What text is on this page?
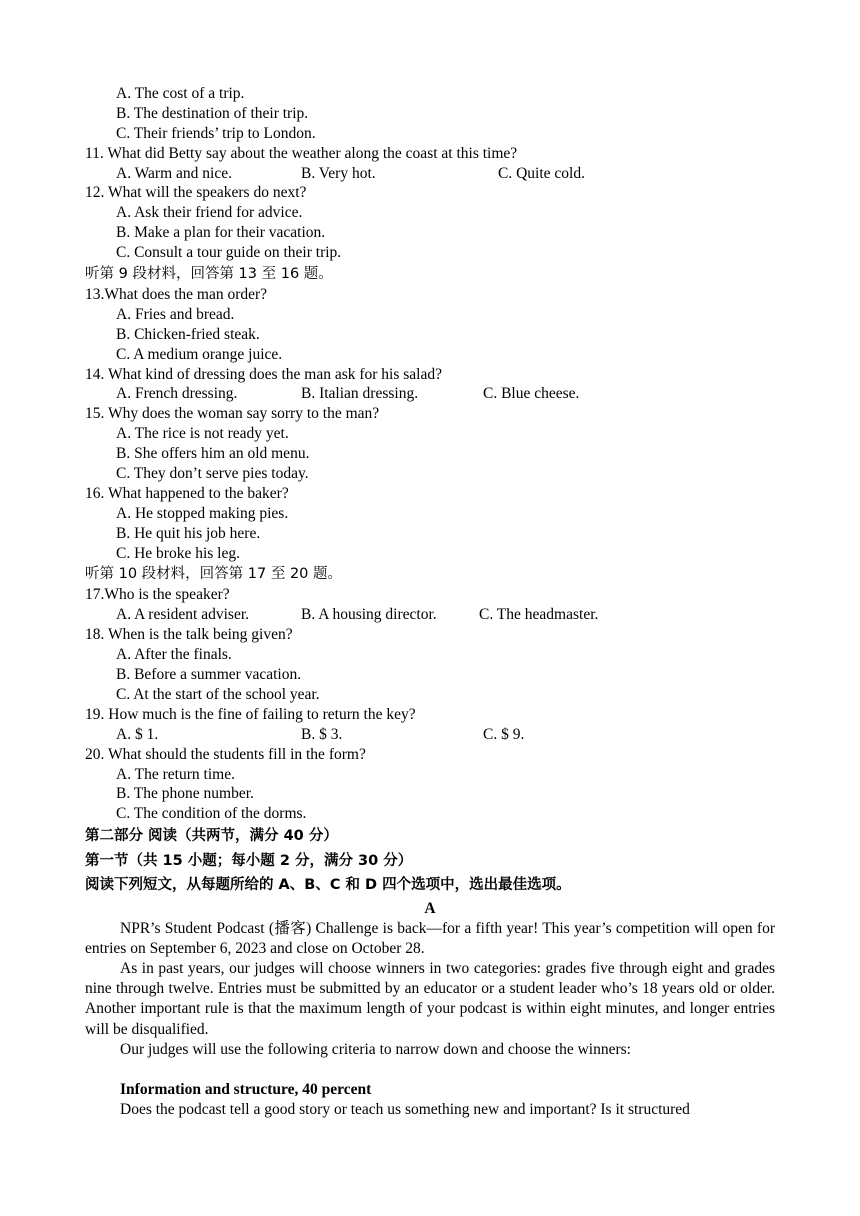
A. The cost of a trip.
B. The destination of their trip.
C. Their friends’ trip to London.
11. What did Betty say about the weather along the coast at this time?
A. Warm and nice.	B. Very hot.	C. Quite cold.
12. What will the speakers do next?
A. Ask their friend for advice.
B. Make a plan for their vacation.
C. Consult a tour guide on their trip.
听第 9 段材料，回答第 13 至 16 题。
13.What does the man order?
A. Fries and bread.
B. Chicken-fried steak.
C. A medium orange juice.
14. What kind of dressing does the man ask for his salad?
A. French dressing.	B. Italian dressing.	C. Blue cheese.
15. Why does the woman say sorry to the man?
A. The rice is not ready yet.
B. She offers him an old menu.
C. They don’t serve pies today.
16. What happened to the baker?
A. He stopped making pies.
B. He quit his job here.
C. He broke his leg.
听第 10 段材料，回答第 17 至 20 题。
17.Who is the speaker?
A. A resident adviser.	B. A housing director.	C. The headmaster.
18. When is the talk being given?
A. After the finals.
B. Before a summer vacation.
C. At the start of the school year.
19. How much is the fine of failing to return the key?
A. $ 1.	B. $ 3.	C. $ 9.
20. What should the students fill in the form?
A. The return time.
B. The phone number.
C. The condition of the dorms.
第二部分 阅读（共两节，满分 40 分）
第一节（共 15 小题；每小题 2 分，满分 30 分）
阅读下列短文，从每题所给的 A、B、C 和 D 四个选项中，选出最佳选项。
A

NPR’s Student Podcast (播客) Challenge is back—for a fifth year! This year’s competition will open for entries on September 6, 2023 and close on October 28.

As in past years, our judges will choose winners in two categories: grades five through eight and grades nine through twelve. Entries must be submitted by an educator or a student leader who’s 18 years old or older. Another important rule is that the maximum length of your podcast is within eight minutes, and longer entries will be disqualified.

Our judges will use the following criteria to narrow down and choose the winners:

Information and structure, 40 percent

Does the podcast tell a good story or teach us something new and important? Is it structured
